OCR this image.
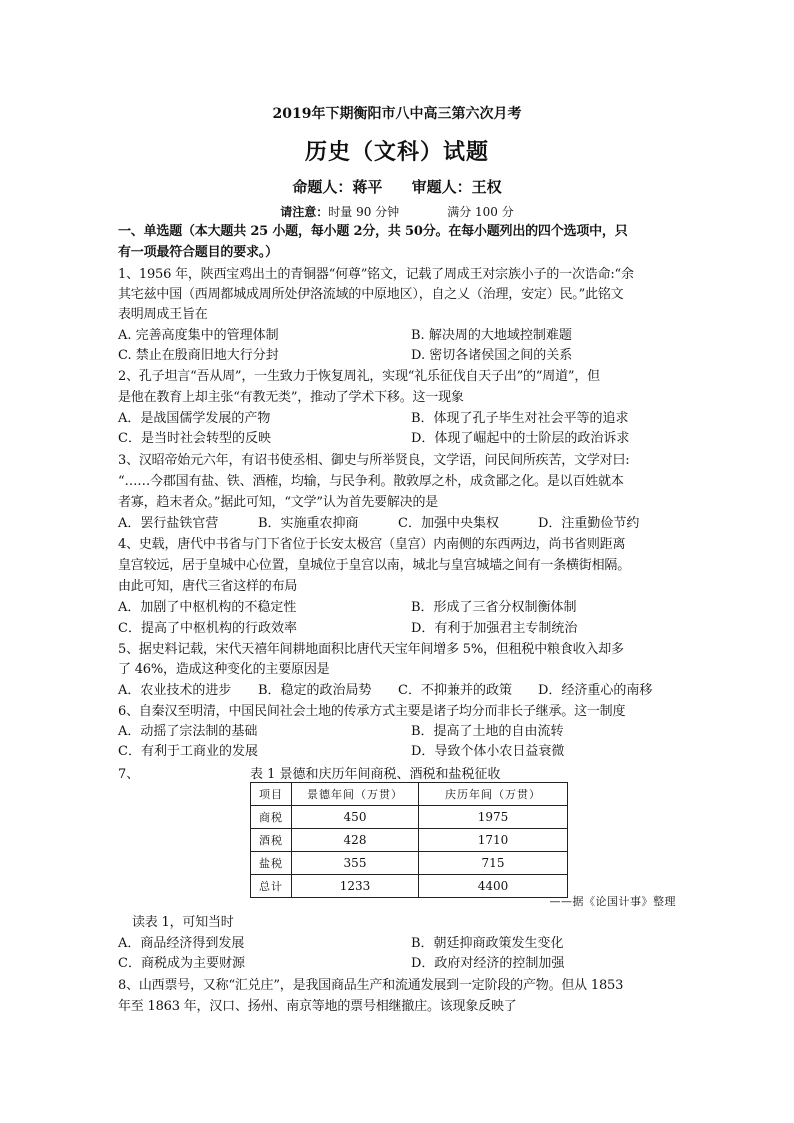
2019年下期衡阳市八中高三第六次月考
历史（文科）试题
命题人：蒋平 审题人：王权
请注意：时量 90 分钟	满分 100 分
一、单选题（本大题共 25 小题，每小题 2分，共 50分。在每小题列出的四个选项中，只
有一项最符合题目的要求。）
1、1956 年，陕西宝鸡出土的青铜器“何尊”铭文，记载了周成王对宗族小子的一次诰命:“余
其宅兹中国（西周都城成周所处伊洛流域的中原地区），自之乂（治理，安定）民。”此铭文
表明周成王旨在
A. 完善高度集中的管理体制	B. 解决周的大地域控制难题
C. 禁止在殷商旧地大行分封	D. 密切各诸侯国之间的关系
2、孔子坦言“吾从周”，一生致力于恢复周礼，实现“礼乐征伐自天子出”的“周道”，但
是他在教育上却主张“有教无类”，推动了学术下移。这一现象
A．是战国儒学发展的产物	B．体现了孔子毕生对社会平等的追求
C．是当时社会转型的反映	D．体现了崛起中的士阶层的政治诉求
3、汉昭帝始元六年，有诏书使丞相、御史与所举贤良，文学语，问民间所疾苦，文学对曰:
“……今郡国有盐、铁、酒榷，均输，与民争利。散敦厚之朴，成贪鄙之化。是以百姓就本
者寡，趋末者众。”据此可知，“文学”认为首先要解决的是
A．罢行盐铁官营	B．实施重农抑商	C．加强中央集权	D．注重勤俭节约
4、史载，唐代中书省与门下省位于长安太极宫（皇宫）内南侧的东西两边，尚书省则距离
皇宫较远，居于皇城中心位置，皇城位于皇宫以南，城北与皇宫城墙之间有一条横街相隔。
由此可知，唐代三省这样的布局
A．加剧了中枢机构的不稳定性	B．形成了三省分权制衡体制
C．提高了中枢机构的行政效率	D．有利于加强君主专制统治
5、据史料记载，宋代天禧年间耕地面积比唐代天宝年间增多 5%，但租税中粮食收入却多
了 46%，造成这种变化的主要原因是
A．农业技术的进步 B．稳定的政治局势 C．不抑兼并的政策 D．经济重心的南移
6、自秦汉至明清，中国民间社会土地的传承方式主要是诸子均分而非长子继承。这一制度
A．动摇了宗法制的基础	B．提高了土地的自由流转
C．有利于工商业的发展	D．导致个体小农日益衰微
7、	表 1 景德和庆历年间商税、酒税和盐税征收
项目	景德年间（万贯）	庆历年间（万贯）
商税	450	1975
酒税	428	1710
盐税	355	715
总计	1233	4400
——据《论国计事》整理
读表 1，可知当时
A．商品经济得到发展	B．朝廷抑商政策发生变化
C．商税成为主要财源	D．政府对经济的控制加强
8、山西票号，又称“汇兑庄”，是我国商品生产和流通发展到一定阶段的产物。但从 1853
年至 1863 年，汉口、扬州、南京等地的票号相继撤庄。该现象反映了
